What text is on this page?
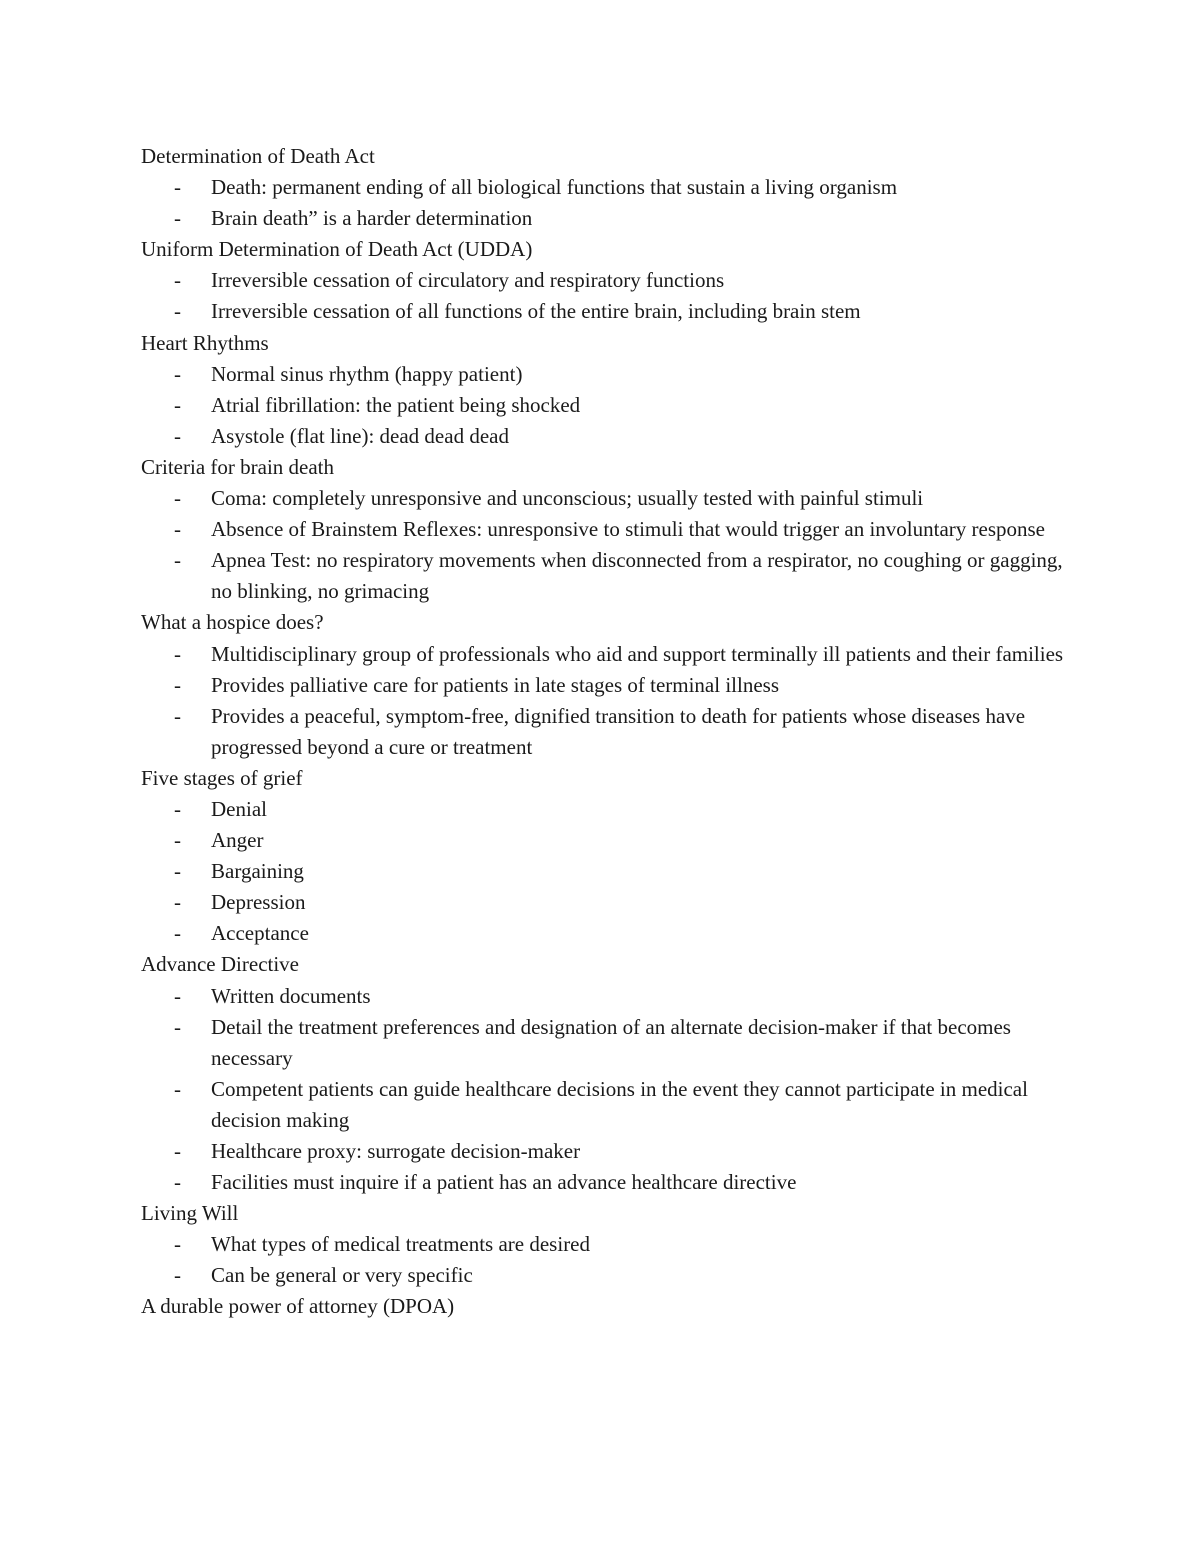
Determination of Death Act
- Death: permanent ending of all biological functions that sustain a living organism
- Brain death” is a harder determination
Uniform Determination of Death Act (UDDA)
- Irreversible cessation of circulatory and respiratory functions
- Irreversible cessation of all functions of the entire brain, including brain stem
Heart Rhythms
- Normal sinus rhythm (happy patient)
- Atrial fibrillation: the patient being shocked
- Asystole (flat line): dead dead dead
Criteria for brain death
- Coma: completely unresponsive and unconscious; usually tested with painful stimuli
- Absence of Brainstem Reflexes: unresponsive to stimuli that would trigger an involuntary response
- Apnea Test: no respiratory movements when disconnected from a respirator, no coughing or gagging, no blinking, no grimacing
What a hospice does?
- Multidisciplinary group of professionals who aid and support terminally ill patients and their families
- Provides palliative care for patients in late stages of terminal illness
- Provides a peaceful, symptom-free, dignified transition to death for patients whose diseases have progressed beyond a cure or treatment
Five stages of grief
- Denial
- Anger
- Bargaining
- Depression
- Acceptance
Advance Directive
- Written documents
- Detail the treatment preferences and designation of an alternate decision-maker if that becomes necessary
- Competent patients can guide healthcare decisions in the event they cannot participate in medical decision making
- Healthcare proxy: surrogate decision-maker
- Facilities must inquire if a patient has an advance healthcare directive
Living Will
- What types of medical treatments are desired
- Can be general or very specific
A durable power of attorney (DPOA)
